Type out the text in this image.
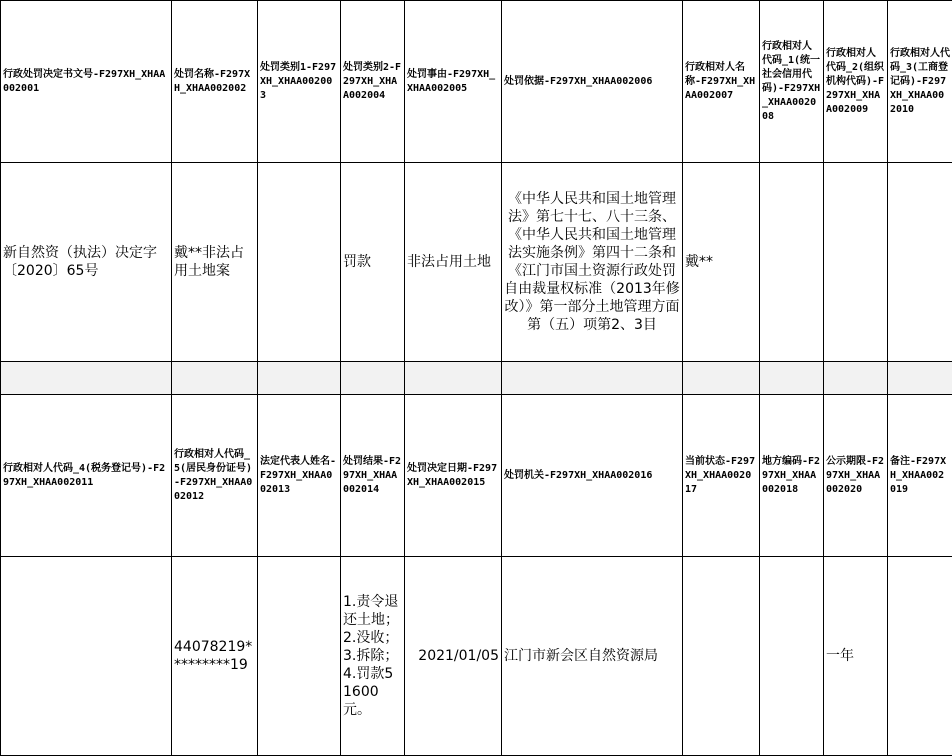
行政处罚决定书文号-F297XH_XHAA002001	处罚名称-F297XH_XHAA002002	处罚类别1-F297XH_XHAA002003	处罚类别2-F297XH_XHAA002004	处罚事由-F297XH_XHAA002005	处罚依据-F297XH_XHAA002006	行政相对人名称-F297XH_XHAA002007	行政相对人代码_1(统一社会信用代码)-F297XH_XHAA002008	行政相对人代码_2(组织机构代码)-F297XH_XHAA002009	行政相对人代码_3(工商登记码)-F297XH_XHAA002010
新自然资（执法）决定字〔2020〕65号	戴**非法占用土地案		罚款	非法占用土地	《中华人民共和国土地管理法》第七十七、八十三条、《中华人民共和国土地管理法实施条例》第四十二条和《江门市国土资源行政处罚自由裁量权标准（2013年修改）》第一部分土地管理方面第（五）项第2、3目	戴**			

行政相对人代码_4(税务登记号)-F297XH_XHAA002011	行政相对人代码_5(居民身份证号)-F297XH_XHAA002012	法定代表人姓名-F297XH_XHAA002013	处罚结果-F297XH_XHAA002014	处罚决定日期-F297XH_XHAA002015	处罚机关-F297XH_XHAA002016	当前状态-F297XH_XHAA002017	地方编码-F297XH_XHAA002018	公示期限-F297XH_XHAA002020	备注-F297XH_XHAA002019
	44078219*********19		1.责令退还土地；2.没收；3.拆除；4.罚款51600元。	2021/01/05	江门市新会区自然资源局			一年	
